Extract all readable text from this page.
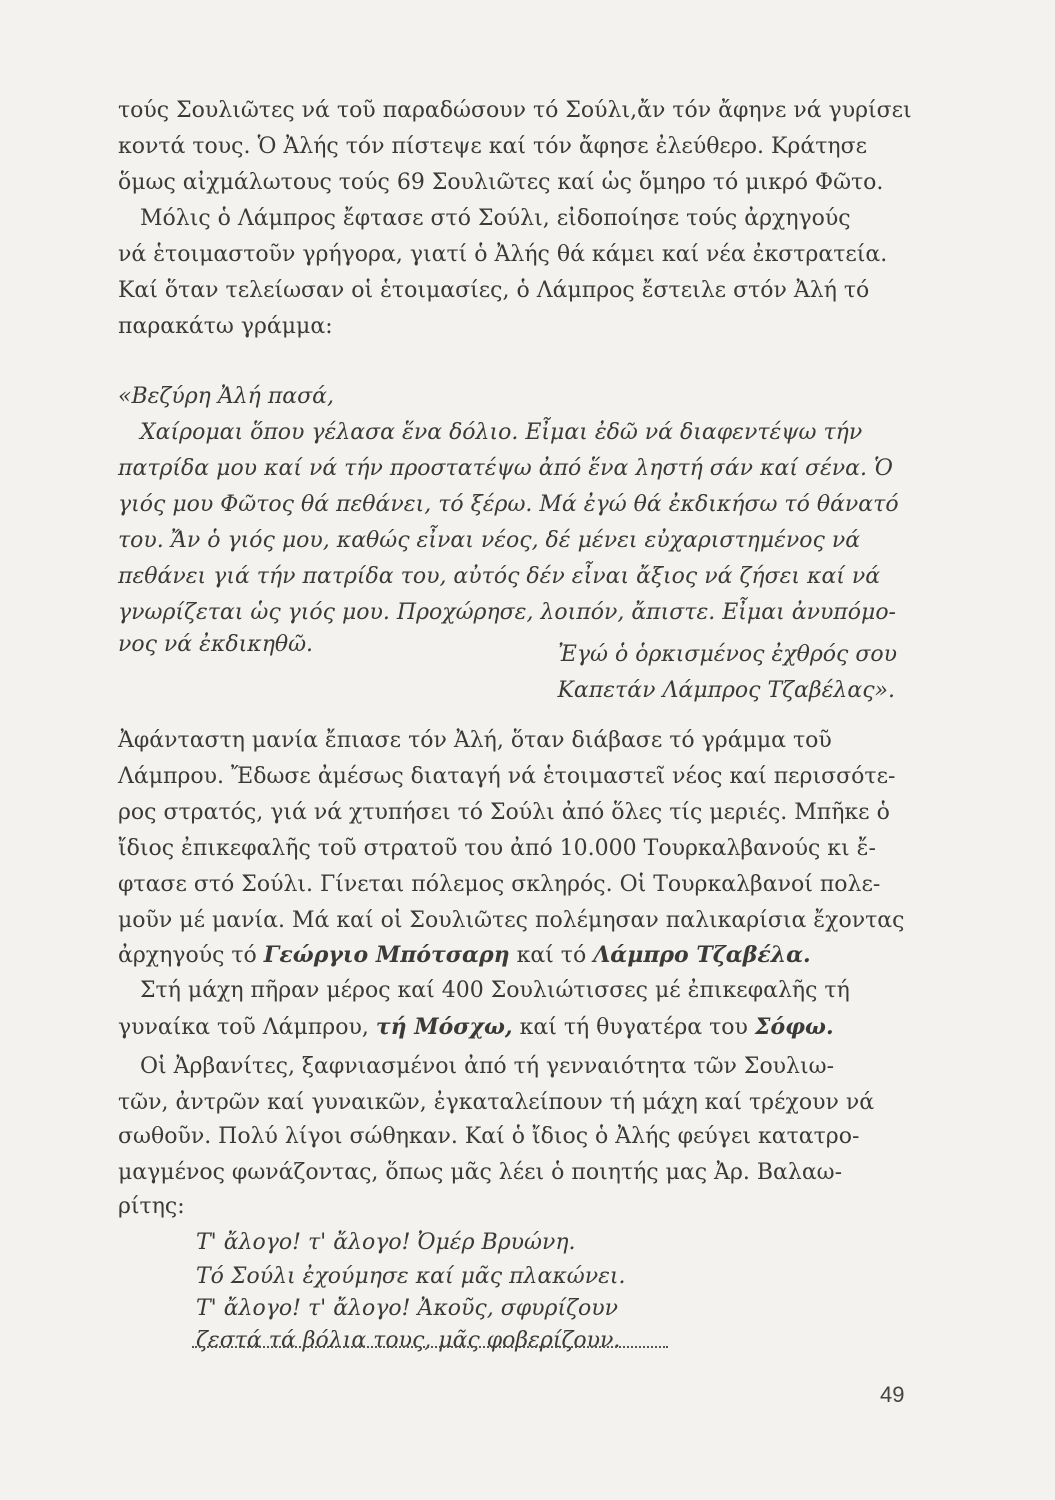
τούς Σουλιῶτες νά τοῦ παραδώσουν τό Σούλι,ἄν τόν ἄφηνε νά γυρίσει
κοντά τους. Ὁ Ἀλής τόν πίστεψε καί τόν ἄφησε ἐλεύθερο. Κράτησε
ὅμως αἰχμάλωτους τούς 69 Σουλιῶτες καί ὡς ὅμηρο τό μικρό Φῶτο.
Μόλις ὁ Λάμπρος ἔφτασε στό Σούλι, εἰδοποίησε τούς ἀρχηγούς
νά ἑτοιμαστοῦν γρήγορα, γιατί ὁ Ἀλής θά κάμει καί νέα ἐκστρατεία.
Καί ὅταν τελείωσαν οἱ ἑτοιμασίες, ὁ Λάμπρος ἔστειλε στόν Ἀλή τό
παρακάτω γράμμα:
«Βεζύρη Ἀλή πασά,
Χαίρομαι ὅπου γέλασα ἕνα δόλιο. Εἶμαι ἐδῶ νά διαφεντέψω τήν
πατρίδα μου καί νά τήν προστατέψω ἀπό ἕνα ληστή σάν καί σένα. Ὁ
γιός μου Φῶτος θά πεθάνει, τό ξέρω. Μά ἐγώ θά ἐκδικήσω τό θάνατό
του. Ἄν ὁ γιός μου, καθώς εἶναι νέος, δέ μένει εὐχαριστημένος νά
πεθάνει γιά τήν πατρίδα του, αὐτός δέν εἶναι ἄξιος νά ζήσει καί νά
γνωρίζεται ὡς γιός μου. Προχώρησε, λοιπόν, ἄπιστε. Εἶμαι ἀνυπόμο-
νος νά ἐκδικηθῶ.	Ἐγώ ὁ ὁρκισμένος ἐχθρός σου
Καπετάν Λάμπρος Τζαβέλας».
Ἀφάνταστη μανία ἔπιασε τόν Ἀλή, ὅταν διάβασε τό γράμμα τοῦ
Λάμπρου. Ἔδωσε ἀμέσως διαταγή νά ἑτοιμαστεῖ νέος καί περισσότε-
ρος στρατός, γιά νά χτυπήσει τό Σούλι ἀπό ὅλες τίς μεριές. Μπῆκε ὁ
ἴδιος ἐπικεφαλῆς τοῦ στρατοῦ του ἀπό 10.000 Τουρκαλβανούς κι ἔ-
φτασε στό Σούλι. Γίνεται πόλεμος σκληρός. Οἱ Τουρκαλβανοί πολε-
μοῦν μέ μανία. Μά καί οἱ Σουλιῶτες πολέμησαν παλικαρίσια ἔχοντας
ἀρχηγούς τό Γεώργιο Μπότσαρη καί τό Λάμπρο Τζαβέλα.
Στή μάχη πῆραν μέρος καί 400 Σουλιώτισσες μέ ἐπικεφαλῆς τή
γυναίκα τοῦ Λάμπρου, τή Μόσχω, καί τή θυγατέρα του Σόφω.
Οἱ Ἀρβανίτες, ξαφνιασμένοι ἀπό τή γενναιότητα τῶν Σουλιω-
τῶν, ἀντρῶν καί γυναικῶν, ἐγκαταλείπουν τή μάχη καί τρέχουν νά
σωθοῦν. Πολύ λίγοι σώθηκαν. Καί ὁ ἴδιος ὁ Ἀλής φεύγει κατατρο-
μαγμένος φωνάζοντας, ὅπως μᾶς λέει ὁ ποιητής μας Ἀρ. Βαλαω-
ρίτης:
Τ' ἄλογο! τ' ἄλογο! Ὀμέρ Βρυώνη.
Τό Σούλι ἐχούμησε καί μᾶς πλακώνει.
Τ' ἄλογο! τ' ἄλογο! Ἀκοῦς, σφυρίζουν
ζεστά τά βόλια τους, μᾶς φοβερίζουν.
49
